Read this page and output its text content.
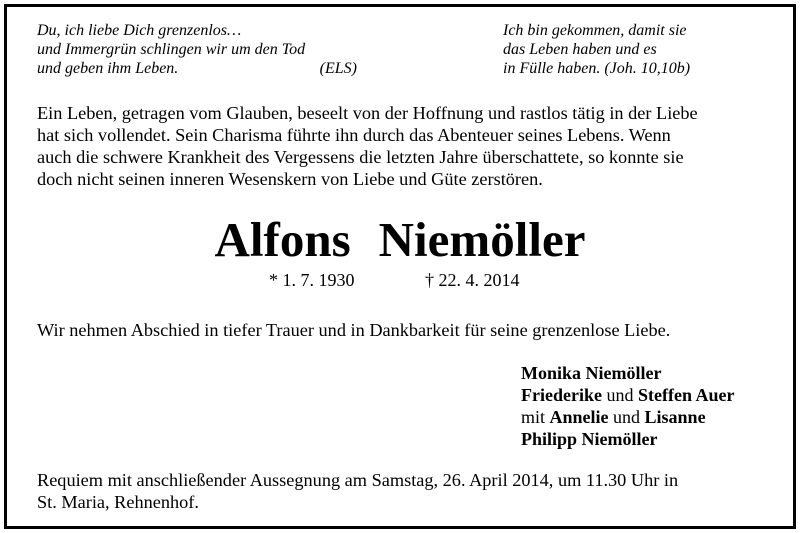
Du, ich liebe Dich grenzenlos…
und Immergrün schlingen wir um den Tod
und geben ihm Leben.	(ELS)
Ich bin gekommen, damit sie
das Leben haben und es
in Fülle haben. (Joh. 10,10b)
Ein Leben, getragen vom Glauben, beseelt von der Hoffnung und rastlos tätig in der Liebe
hat sich vollendet. Sein Charisma führte ihn durch das Abenteuer seines Lebens. Wenn
auch die schwere Krankheit des Vergessens die letzten Jahre überschattete, so konnte sie
doch nicht seinen inneren Wesenskern von Liebe und Güte zerstören.
Alfons Niemöller
* 1. 7. 1930	† 22. 4. 2014
Wir nehmen Abschied in tiefer Trauer und in Dankbarkeit für seine grenzenlose Liebe.
Monika Niemöller
Friederike und Steffen Auer
mit Annelie und Lisanne
Philipp Niemöller
Requiem mit anschließender Aussegnung am Samstag, 26. April 2014, um 11.30 Uhr in
St. Maria, Rehnenhof.
